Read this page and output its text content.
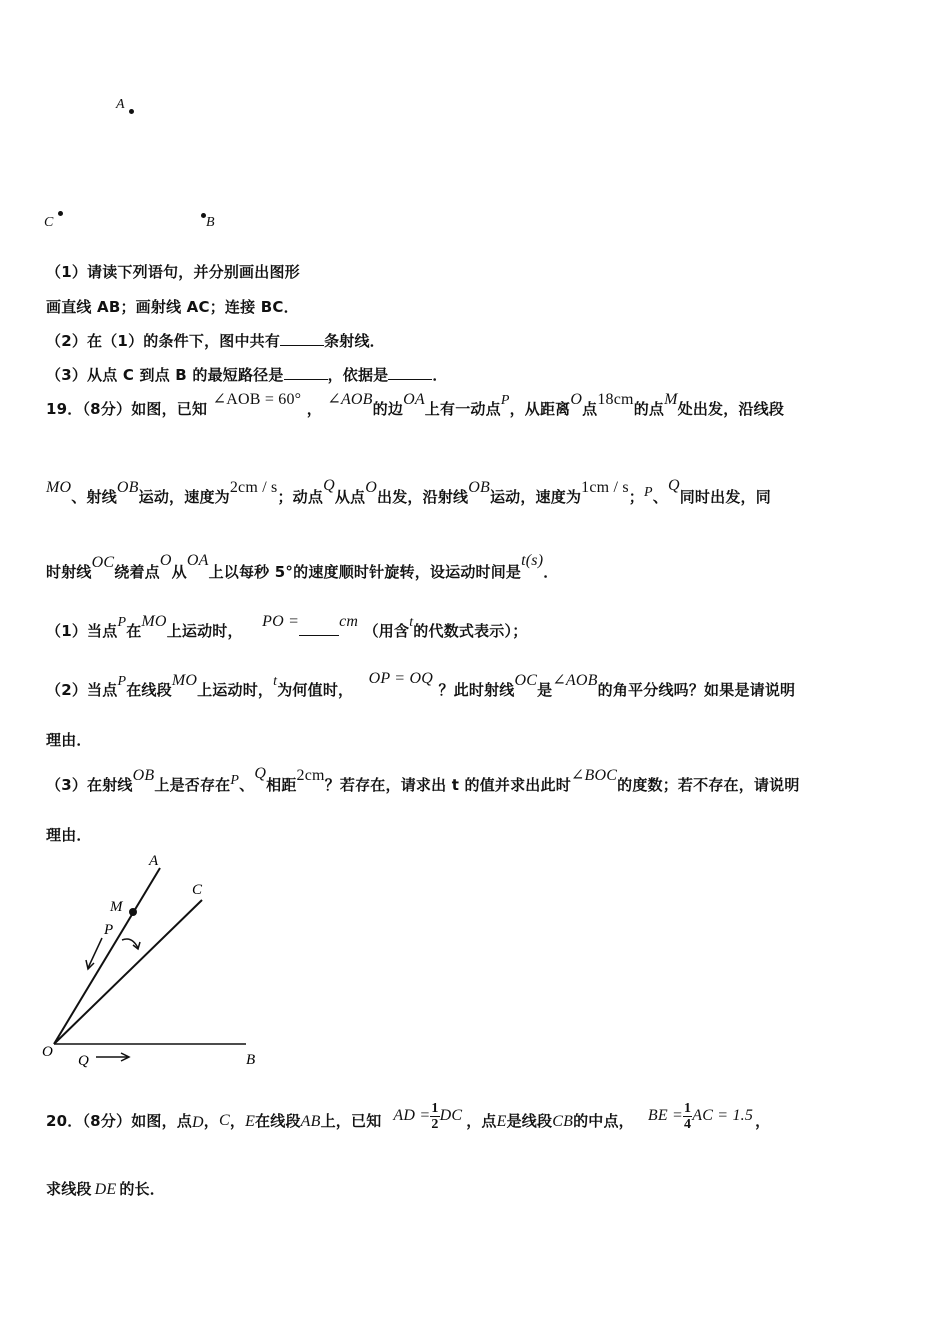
A
C	B
（1）请读下列语句，并分别画出图形
画直线 AB；画射线 AC；连接 BC．
（2）在（1）的条件下，图中共有	条射线．
（3）从点 C 到点 B 的最短路径是	，依据是	．
19．（8分）如图，已知 ∠AOB = 60° ， ∠AOB的边OA上有一动点P，从距离O点18cm的点M处出发，沿线段
MO、射线OB运动，速度为2cm / s；动点Q从点O出发，沿射线OB运动，速度为1cm / s；P、Q同时出发，同
时射线OC绕着点O从OA上以每秒 5°的速度顺时针旋转，设运动时间是t(s)．
（1）当点P在MO上运动时， PO =	cm （用含t的代数式表示）；
（2）当点P在线段MO上运动时，t为何值时， OP = OQ ？此时射线OC是∠AOB的角平分线吗？如果是请说明
理由．
（3）在射线OB上是否存在P、Q相距2cm？若存在，请求出 t 的值并求出此时∠BOC的度数；若不存在，请说明
理由．
A
C
M
P
O
Q	B
20．（8分）如图，点 D ， C ， E 在线段 AB 上，已知 AD = $\frac{1}{2}$ DC ，点 E 是线段 CB 的中点， BE = $\frac{1}{4}$ AC = 1.5 ，
求线段 DE 的长．
